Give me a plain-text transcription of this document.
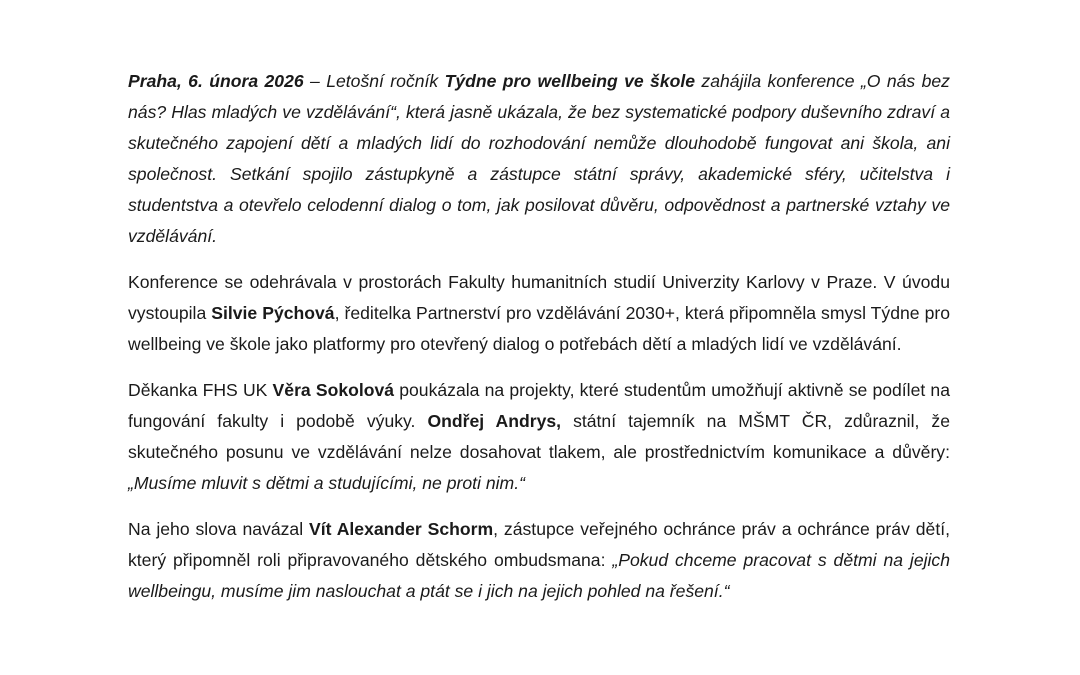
Praha, 6. února 2026 – Letošní ročník Týdne pro wellbeing ve škole zahájila konference „O nás bez nás? Hlas mladých ve vzdělávání“, která jasně ukázala, že bez systematické podpory duševního zdraví a skutečného zapojení dětí a mladých lidí do rozhodování nemůže dlouhodobě fungovat ani škola, ani společnost. Setkání spojilo zástupkyně a zástupce státní správy, akademické sféry, učitelstva i studentstva a otevřelo celodenní dialog o tom, jak posilovat důvěru, odpovědnost a partnerské vztahy ve vzdělávání.

Konference se odehrávala v prostorách Fakulty humanitních studií Univerzity Karlovy v Praze. V úvodu vystoupila Silvie Pýchová, ředitelka Partnerství pro vzdělávání 2030+, která připomněla smysl Týdne pro wellbeing ve škole jako platformy pro otevřený dialog o potřebách dětí a mladých lidí ve vzdělávání.

Děkanka FHS UK Věra Sokolová poukázala na projekty, které studentům umožňují aktivně se podílet na fungování fakulty i podobě výuky. Ondřej Andrys, státní tajemník na MŠMT ČR, zdůraznil, že skutečného posunu ve vzdělávání nelze dosahovat tlakem, ale prostřednictvím komunikace a důvěry: „Musíme mluvit s dětmi a studujícími, ne proti nim.“

Na jeho slova navázal Vít Alexander Schorm, zástupce veřejného ochránce práv a ochránce práv dětí, který připomněl roli připravovaného dětského ombudsmana: „Pokud chceme pracovat s dětmi na jejich wellbeingu, musíme jim naslouchat a ptát se i jich na jejich pohled na řešení.“
